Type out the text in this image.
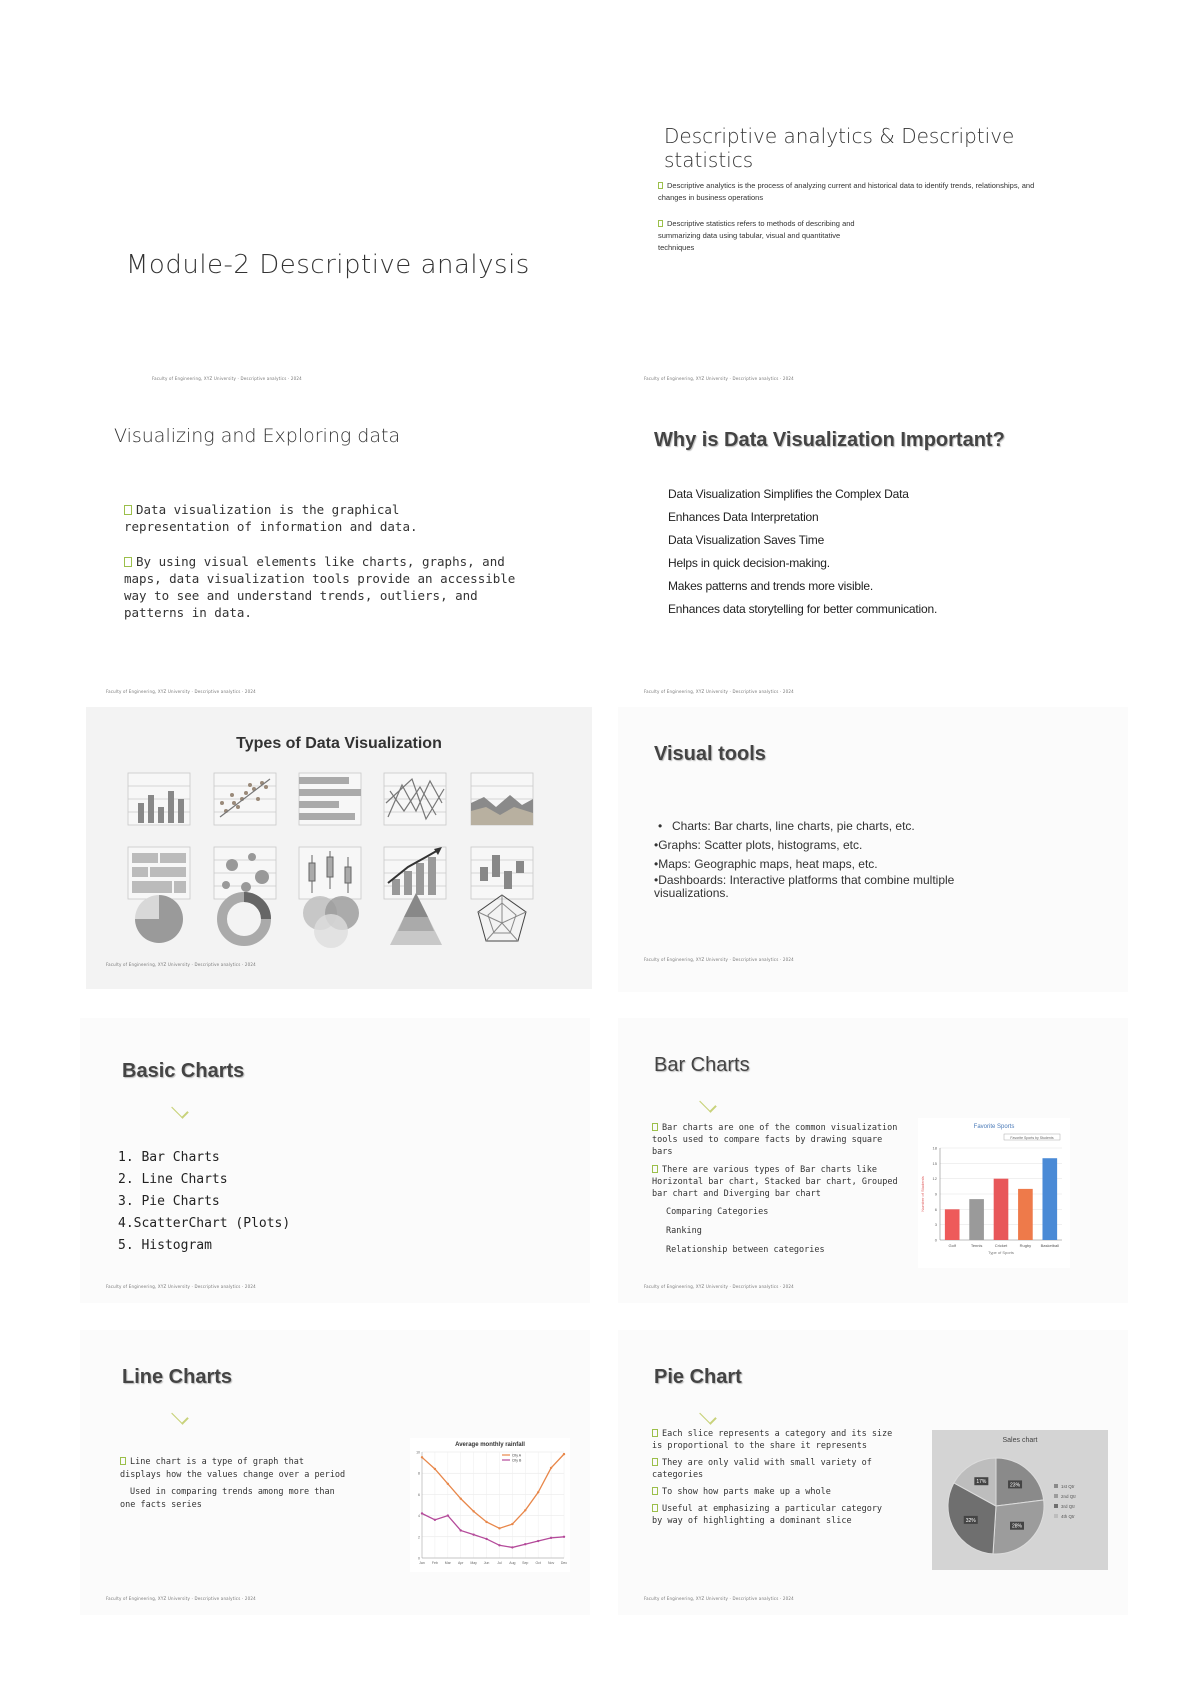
Module-2 Descriptive analysis
Faculty of Engineering, XYZ University · Descriptive analytics · 2024
Descriptive analytics & Descriptive statistics
Descriptive analytics is the process of analyzing current and historical data to identify trends, relationships, and changes in business operations
Descriptive statistics refers to methods of describing and summarizing data using tabular, visual and quantitative techniques
Faculty of Engineering, XYZ University · Descriptive analytics · 2024
Visualizing and Exploring data
Data visualization is the graphical representation of information and data.
By using visual elements like charts, graphs, and maps, data visualization tools provide an accessible way to see and understand trends, outliers, and patterns in data.
Faculty of Engineering, XYZ University · Descriptive analytics · 2024
Why is Data Visualization Important?
Data Visualization Simplifies the Complex Data
Enhances Data Interpretation
Data Visualization Saves Time
Helps in quick decision-making.
Makes patterns and trends more visible.
Enhances data storytelling for better communication.
Faculty of Engineering, XYZ University · Descriptive analytics · 2024
Types of Data Visualization
Faculty of Engineering, XYZ University · Descriptive analytics · 2024
Visual tools
• Charts: Bar charts, line charts, pie charts, etc.
•Graphs: Scatter plots, histograms, etc.
•Maps: Geographic maps, heat maps, etc.
•Dashboards: Interactive platforms that combine multiple visualizations.
Faculty of Engineering, XYZ University · Descriptive analytics · 2024
Basic Charts
1. Bar Charts
2. Line Charts
3. Pie Charts
4.ScatterChart (Plots)
5. Histogram
Faculty of Engineering, XYZ University · Descriptive analytics · 2024
Bar Charts
Bar charts are one of the common visualization tools used to compare facts by drawing square bars
There are various types of Bar charts like Horizontal bar chart, Stacked bar chart, Grouped bar chart and Diverging bar chart
Comparing Categories
Ranking
Relationship between categories
Favorite Sports
Favorite Sports by Students
0
3
6
9
12
15
18
Golf	Tennis	Cricket	Rugby Basketball
Type of Sports
Number of Students
Faculty of Engineering, XYZ University · Descriptive analytics · 2024
Line Charts
Line chart is a type of graph that displays how the values change over a period
Used in comparing trends among more than one facts series
Average monthly rainfall
0
2
4
6
8
10
Jan Feb Mar Apr May Jun Jul Aug Sep Oct Nov Dec
City A
City B
Faculty of Engineering, XYZ University · Descriptive analytics · 2024
Pie Chart
Each slice represents a category and its size is proportional to the share it represents
They are only valid with small variety of categories
To show how parts make up a whole
Useful at emphasizing a particular category by way of highlighting a dominant slice
Sales chart
23%	1st Qtr
28%
2nd Qtr
32%
3rd Qtr
17%
4th Qtr
Faculty of Engineering, XYZ University · Descriptive analytics · 2024
